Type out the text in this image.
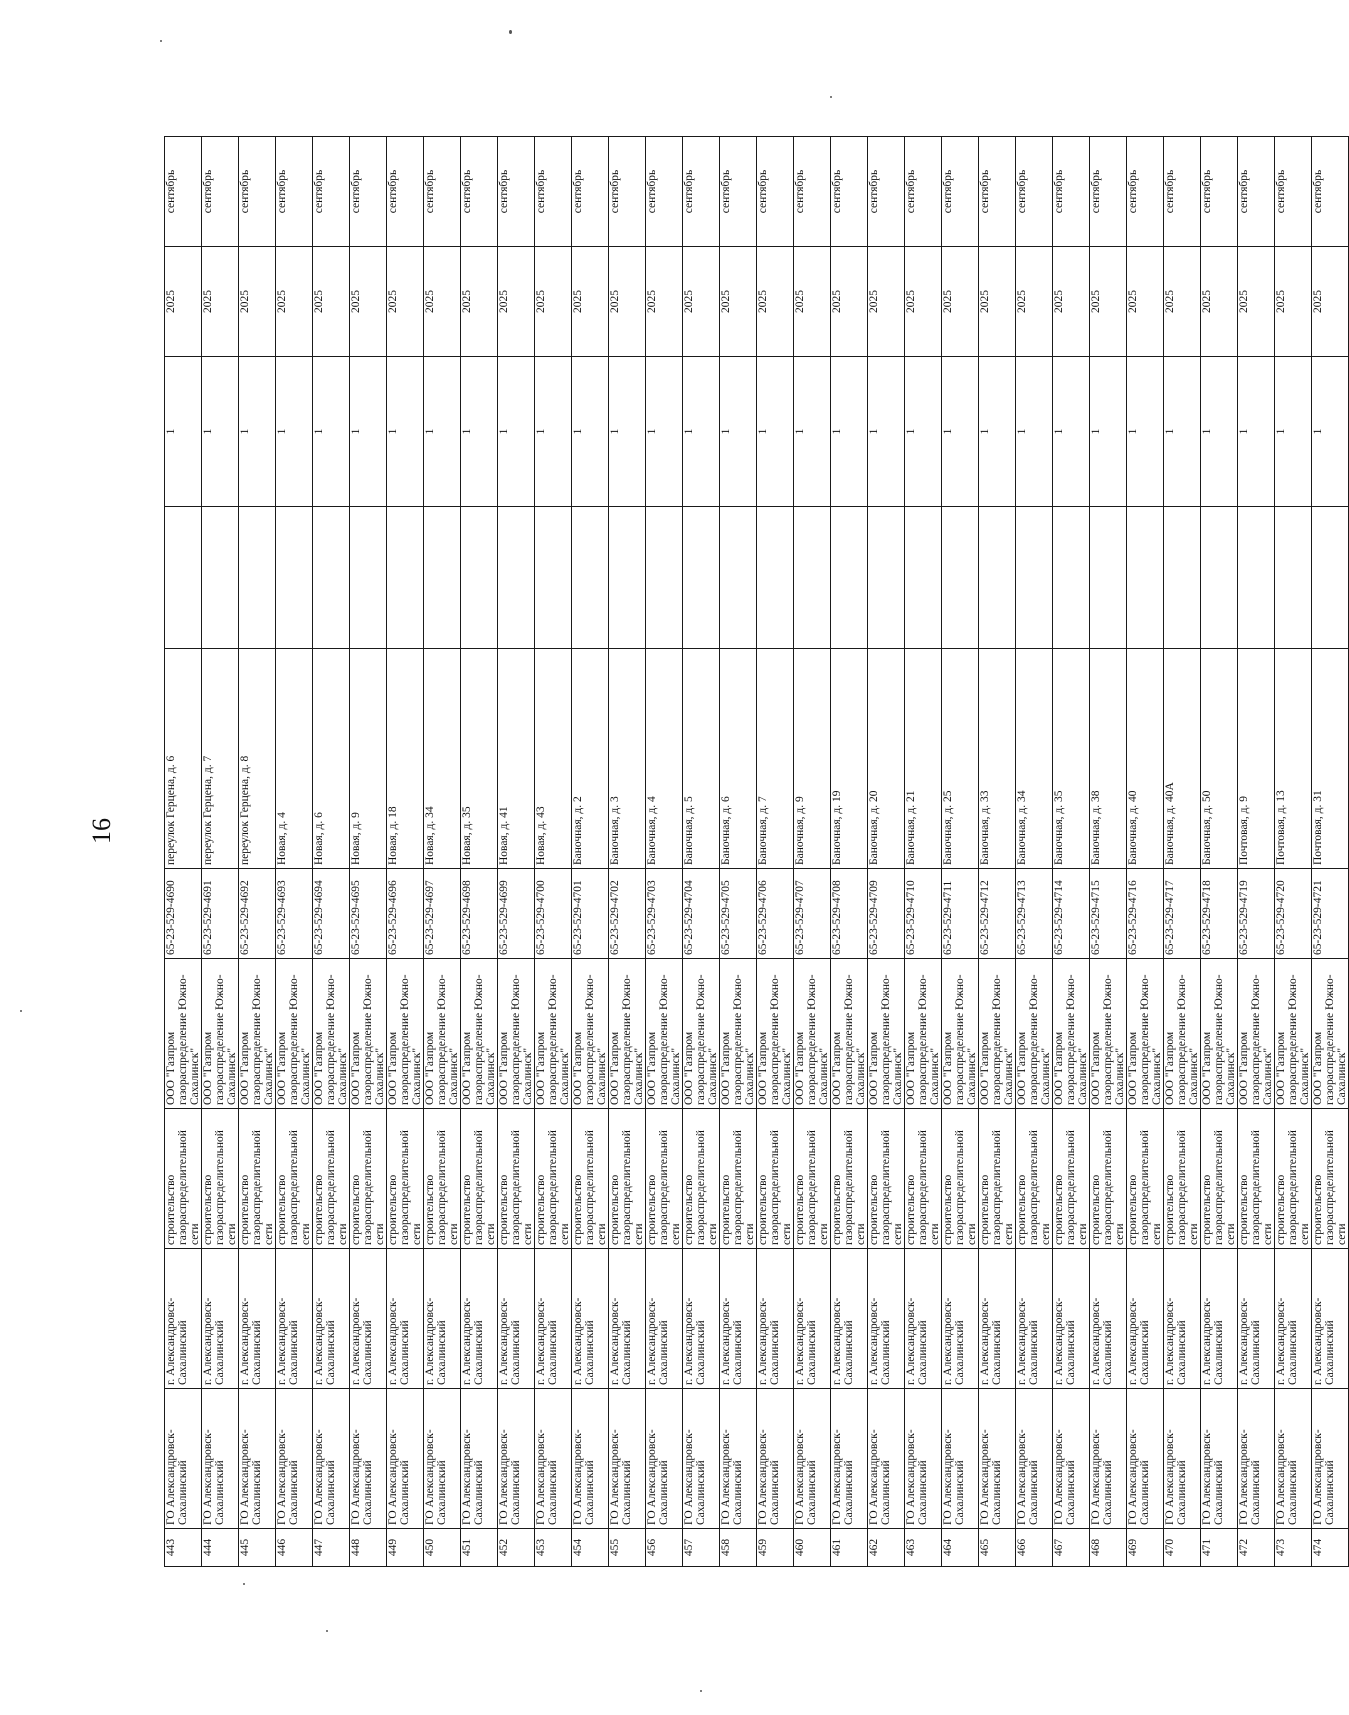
16
443	ГО Александровск-Сахалинский	г. Александровск-Сахалинский	строительство газораспределительной сети	ООО "Газпром газораспределение Южно-Сахалинск"	65-23-529-4690	переулок Герцена, д. 6		1	2025	сентябрь
444	ГО Александровск-Сахалинский	г. Александровск-Сахалинский	строительство газораспределительной сети	ООО "Газпром газораспределение Южно-Сахалинск"	65-23-529-4691	переулок Герцена, д. 7		1	2025	сентябрь
445	ГО Александровск-Сахалинский	г. Александровск-Сахалинский	строительство газораспределительной сети	ООО "Газпром газораспределение Южно-Сахалинск"	65-23-529-4692	переулок Герцена, д. 8		1	2025	сентябрь
446	ГО Александровск-Сахалинский	г. Александровск-Сахалинский	строительство газораспределительной сети	ООО "Газпром газораспределение Южно-Сахалинск"	65-23-529-4693	Новая, д. 4		1	2025	сентябрь
447	ГО Александровск-Сахалинский	г. Александровск-Сахалинский	строительство газораспределительной сети	ООО "Газпром газораспределение Южно-Сахалинск"	65-23-529-4694	Новая, д. 6		1	2025	сентябрь
448	ГО Александровск-Сахалинский	г. Александровск-Сахалинский	строительство газораспределительной сети	ООО "Газпром газораспределение Южно-Сахалинск"	65-23-529-4695	Новая, д. 9		1	2025	сентябрь
449	ГО Александровск-Сахалинский	г. Александровск-Сахалинский	строительство газораспределительной сети	ООО "Газпром газораспределение Южно-Сахалинск"	65-23-529-4696	Новая, д. 18		1	2025	сентябрь
450	ГО Александровск-Сахалинский	г. Александровск-Сахалинский	строительство газораспределительной сети	ООО "Газпром газораспределение Южно-Сахалинск"	65-23-529-4697	Новая, д. 34		1	2025	сентябрь
451	ГО Александровск-Сахалинский	г. Александровск-Сахалинский	строительство газораспределительной сети	ООО "Газпром газораспределение Южно-Сахалинск"	65-23-529-4698	Новая, д. 35		1	2025	сентябрь
452	ГО Александровск-Сахалинский	г. Александровск-Сахалинский	строительство газораспределительной сети	ООО "Газпром газораспределение Южно-Сахалинск"	65-23-529-4699	Новая, д. 41		1	2025	сентябрь
453	ГО Александровск-Сахалинский	г. Александровск-Сахалинский	строительство газораспределительной сети	ООО "Газпром газораспределение Южно-Сахалинск"	65-23-529-4700	Новая, д. 43		1	2025	сентябрь
454	ГО Александровск-Сахалинский	г. Александровск-Сахалинский	строительство газораспределительной сети	ООО "Газпром газораспределение Южно-Сахалинск"	65-23-529-4701	Баночная, д. 2		1	2025	сентябрь
455	ГО Александровск-Сахалинский	г. Александровск-Сахалинский	строительство газораспределительной сети	ООО "Газпром газораспределение Южно-Сахалинск"	65-23-529-4702	Баночная, д. 3		1	2025	сентябрь
456	ГО Александровск-Сахалинский	г. Александровск-Сахалинский	строительство газораспределительной сети	ООО "Газпром газораспределение Южно-Сахалинск"	65-23-529-4703	Баночная, д. 4		1	2025	сентябрь
457	ГО Александровск-Сахалинский	г. Александровск-Сахалинский	строительство газораспределительной сети	ООО "Газпром газораспределение Южно-Сахалинск"	65-23-529-4704	Баночная, д. 5		1	2025	сентябрь
458	ГО Александровск-Сахалинский	г. Александровск-Сахалинский	строительство газораспределительной сети	ООО "Газпром газораспределение Южно-Сахалинск"	65-23-529-4705	Баночная, д. 6		1	2025	сентябрь
459	ГО Александровск-Сахалинский	г. Александровск-Сахалинский	строительство газораспределительной сети	ООО "Газпром газораспределение Южно-Сахалинск"	65-23-529-4706	Баночная, д. 7		1	2025	сентябрь
460	ГО Александровск-Сахалинский	г. Александровск-Сахалинский	строительство газораспределительной сети	ООО "Газпром газораспределение Южно-Сахалинск"	65-23-529-4707	Баночная, д. 9		1	2025	сентябрь
461	ГО Александровск-Сахалинский	г. Александровск-Сахалинский	строительство газораспределительной сети	ООО "Газпром газораспределение Южно-Сахалинск"	65-23-529-4708	Баночная, д. 19		1	2025	сентябрь
462	ГО Александровск-Сахалинский	г. Александровск-Сахалинский	строительство газораспределительной сети	ООО "Газпром газораспределение Южно-Сахалинск"	65-23-529-4709	Баночная, д. 20		1	2025	сентябрь
463	ГО Александровск-Сахалинский	г. Александровск-Сахалинский	строительство газораспределительной сети	ООО "Газпром газораспределение Южно-Сахалинск"	65-23-529-4710	Баночная, д. 21		1	2025	сентябрь
464	ГО Александровск-Сахалинский	г. Александровск-Сахалинский	строительство газораспределительной сети	ООО "Газпром газораспределение Южно-Сахалинск"	65-23-529-4711	Баночная, д. 25		1	2025	сентябрь
465	ГО Александровск-Сахалинский	г. Александровск-Сахалинский	строительство газораспределительной сети	ООО "Газпром газораспределение Южно-Сахалинск"	65-23-529-4712	Баночная, д. 33		1	2025	сентябрь
466	ГО Александровск-Сахалинский	г. Александровск-Сахалинский	строительство газораспределительной сети	ООО "Газпром газораспределение Южно-Сахалинск"	65-23-529-4713	Баночная, д. 34		1	2025	сентябрь
467	ГО Александровск-Сахалинский	г. Александровск-Сахалинский	строительство газораспределительной сети	ООО "Газпром газораспределение Южно-Сахалинск"	65-23-529-4714	Баночная, д. 35		1	2025	сентябрь
468	ГО Александровск-Сахалинский	г. Александровск-Сахалинский	строительство газораспределительной сети	ООО "Газпром газораспределение Южно-Сахалинск"	65-23-529-4715	Баночная, д. 38		1	2025	сентябрь
469	ГО Александровск-Сахалинский	г. Александровск-Сахалинский	строительство газораспределительной сети	ООО "Газпром газораспределение Южно-Сахалинск"	65-23-529-4716	Баночная, д. 40		1	2025	сентябрь
470	ГО Александровск-Сахалинский	г. Александровск-Сахалинский	строительство газораспределительной сети	ООО "Газпром газораспределение Южно-Сахалинск"	65-23-529-4717	Баночная, д. 40А		1	2025	сентябрь
471	ГО Александровск-Сахалинский	г. Александровск-Сахалинский	строительство газораспределительной сети	ООО "Газпром газораспределение Южно-Сахалинск"	65-23-529-4718	Баночная, д. 50		1	2025	сентябрь
472	ГО Александровск-Сахалинский	г. Александровск-Сахалинский	строительство газораспределительной сети	ООО "Газпром газораспределение Южно-Сахалинск"	65-23-529-4719	Почтовая, д. 9		1	2025	сентябрь
473	ГО Александровск-Сахалинский	г. Александровск-Сахалинский	строительство газораспределительной сети	ООО "Газпром газораспределение Южно-Сахалинск"	65-23-529-4720	Почтовая, д. 13		1	2025	сентябрь
474	ГО Александровск-Сахалинский	г. Александровск-Сахалинский	строительство газораспределительной сети	ООО "Газпром газораспределение Южно-Сахалинск"	65-23-529-4721	Почтовая, д. 31		1	2025	сентябрь
